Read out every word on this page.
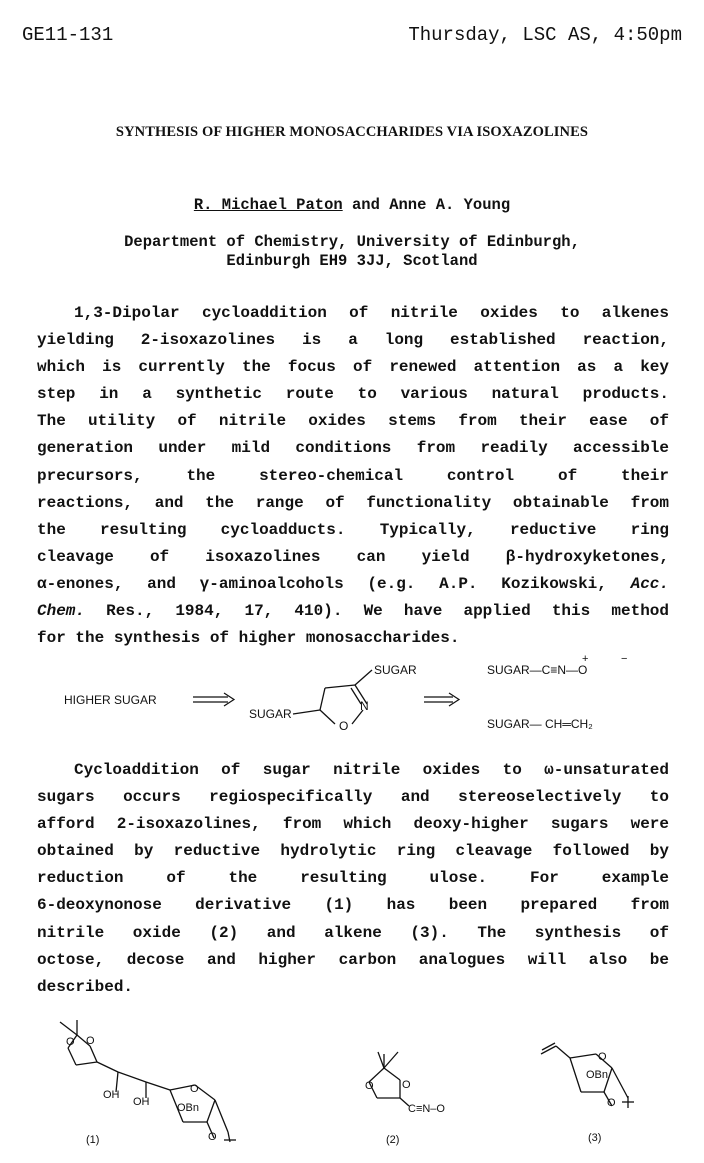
GE11-131	Thursday, LSC AS, 4:50pm
SYNTHESIS OF HIGHER MONOSACCHARIDES VIA ISOXAZOLINES
R. Michael Paton and Anne A. Young
Department of Chemistry, University of Edinburgh,
Edinburgh EH9 3JJ, Scotland
1,3-Dipolar cycloaddition of nitrile oxides to alkenes
yielding 2-isoxazolines is a long established reaction,
which is currently the focus of renewed attention as a key
step in a synthetic route to various natural products.
The utility of nitrile oxides stems from their ease of
generation under mild conditions from readily accessible
precursors, the stereo-chemical control of their
reactions, and the range of functionality obtainable from
the resulting cycloadducts. Typically, reductive ring
cleavage of isoxazolines can yield β-hydroxyketones,
α-enones, and γ-aminoalcohols (e.g. A.P. Kozikowski, Acc.
Chem. Res., 1984, 17, 410). We have applied this method
for the synthesis of higher monosaccharides.
HIGHER SUGAR
SUGAR
SUGAR
N
O
SUGAR—C≡N—O
+	−
SUGAR— CH═CH₂
Cycloaddition of sugar nitrile oxides to ω-unsaturated
sugars occurs regiospecifically and stereoselectively to
afford 2-isoxazolines, from which deoxy-higher sugars were
obtained by reductive hydrolytic ring cleavage followed by
reduction of the resulting ulose. For example
6-deoxynonose derivative (1) has been prepared from
nitrile oxide (2) and alkene (3). The synthesis of
octose, decose and higher carbon analogues will also be
described.
O O
OH
OH
O
OBn
O
(1)
O	O
C≡N–O
(2)
O
OBn
O
(3)
